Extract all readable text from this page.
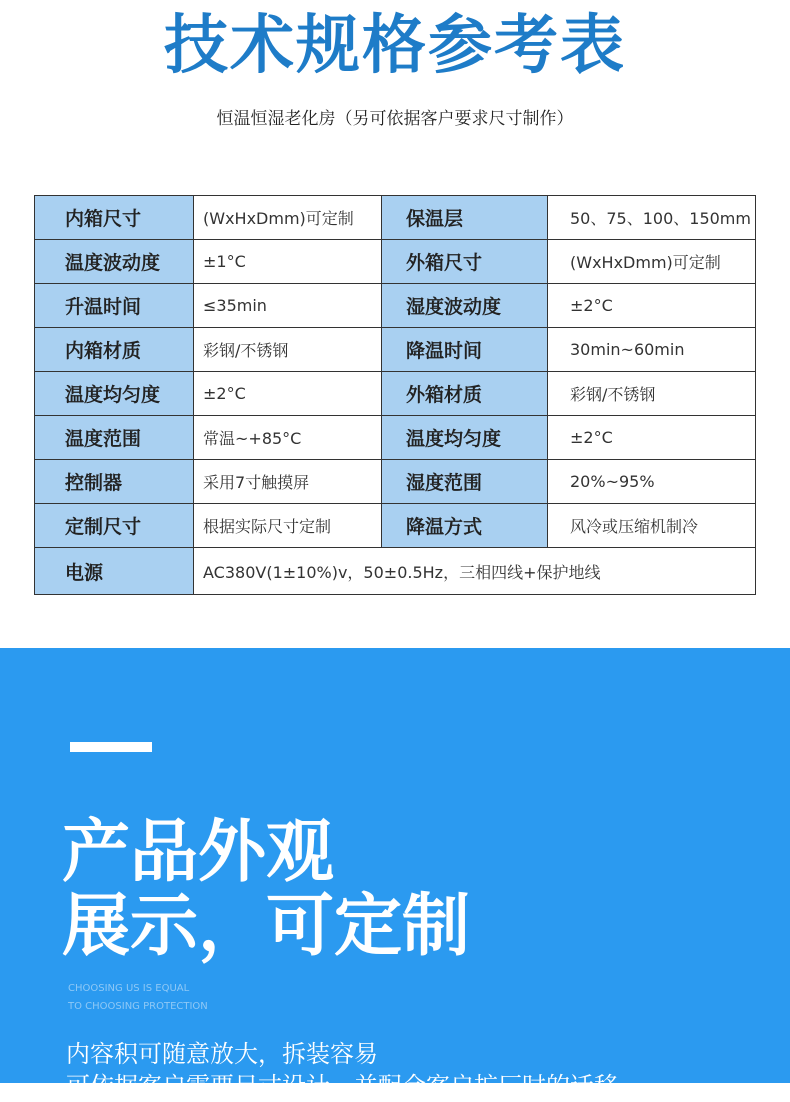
技术规格参考表
恒温恒湿老化房（另可依据客户要求尺寸制作）
内箱尺寸	(WxHxDmm)可定制	保温层	50、75、100、150mm
温度波动度	±1°C	外箱尺寸	(WxHxDmm)可定制
升温时间	≤35min	湿度波动度	±2°C
内箱材质	彩钢/不锈钢	降温时间	30min~60min
温度均匀度	±2°C	外箱材质	彩钢/不锈钢
温度范围	常温~+85°C	温度均匀度	±2°C
控制器	采用7寸触摸屏	湿度范围	20%~95%
定制尺寸	根据实际尺寸定制	降温方式	风冷或压缩机制冷
电源	AC380V(1±10%)v，50±0.5Hz，三相四线+保护地线		
产品外观
展示，可定制
CHOOSING US IS EQUAL
TO CHOOSING PROTECTION
内容积可随意放大，拆装容易
可依据客户需要尺寸设计，并配合客户扩厂时的迁移
